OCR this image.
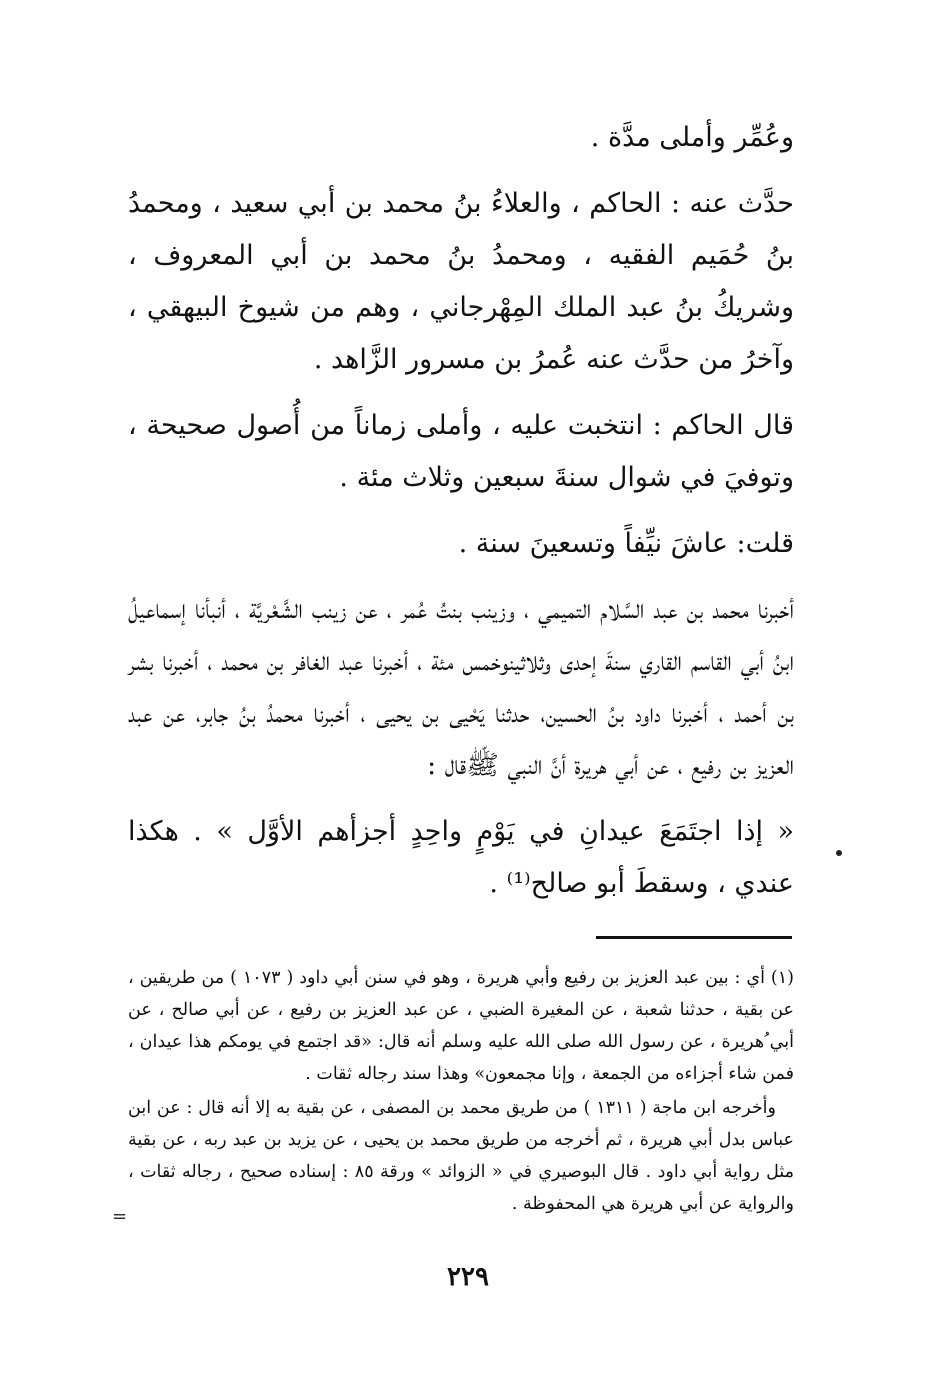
وعُمِّر وأملى مدَّة .

حدَّث عنه : الحاكم ، والعلاءُ بنُ محمد بن أبي سعيد ، ومحمدُ بنُ حُمَيم الفقيه ، ومحمدُ بنُ محمد بن أبي المعروف ، وشريكُ بنُ عبد الملك المِهْرجاني ، وهم من شيوخ البيهقي ، وآخرُ من حدَّث عنه عُمرُ بن مسرور الزَّاهد .

قال الحاكم : انتخبت عليه ، وأملى زماناً من أُصول صحيحة ، وتوفيَ في شوال سنةَ سبعين وثلاث مئة .

قلت: عاشَ نيِّفاً وتسعينَ سنة .

أخبرنا محمد بن عبد السَّلام التميمي ، وزينب بنتُ عُمر ، عن زينب الشَّعْريَّة ، أنبأنا إسماعيلُ ابنُ أبي القاسم القاري سنةَ إحدى وثلاثينوخمس مئة ، أخبرنا عبد الغافر بن محمد ، أخبرنا بشر بن أحمد ، أخبرنا داود بنُ الحسين، حدثنا يَحْيى بن يحيى ، أخبرنا محمدُ بنُ جابر، عن عبد العزيز بن رفيع ، عن أبي هريرة أنَّ النبي ﷺقال :

« إذا اجتَمَعَ عيدانِ في يَوْمٍ واحِدٍ أجزأهم الأوَّل » . هكذا عندي ، وسقطَ أبو صالح⁽¹⁾ .

(١) أي : بين عبد العزيز بن رفيع وأبي هريرة ، وهو في سنن أبي داود ( ١٠٧٣ ) من طريقين ، عن بقية ، حدثنا شعبة ، عن المغيرة الضبي ، عن عبد العزيز بن رفيع ، عن أبي صالح ، عن أبي ُهريرة ، عن رسول الله صلى الله عليه وسلم أنه قال: «قد اجتمع في يومكم هذا عيدان ، فمن شاء أجزاءه من الجمعة ، وإنا مجمعون» وهذا سند رجاله ثقات .

وأخرجه ابن ماجة ( ١٣١١ ) من طريق محمد بن المصفى ، عن بقية به إلا أنه قال : عن ابن عباس بدل أبي هريرة ، ثم أخرجه من طريق محمد بن يحيى ، عن يزيد بن عبد ربه ، عن بقية مثل رواية أبي داود . قال البوصيري في « الزوائد » ورقة ٨٥ : إسناده صحيح ، رجاله ثقات ، والرواية عن أبي هريرة هي المحفوظة .

=
٢٢٩
